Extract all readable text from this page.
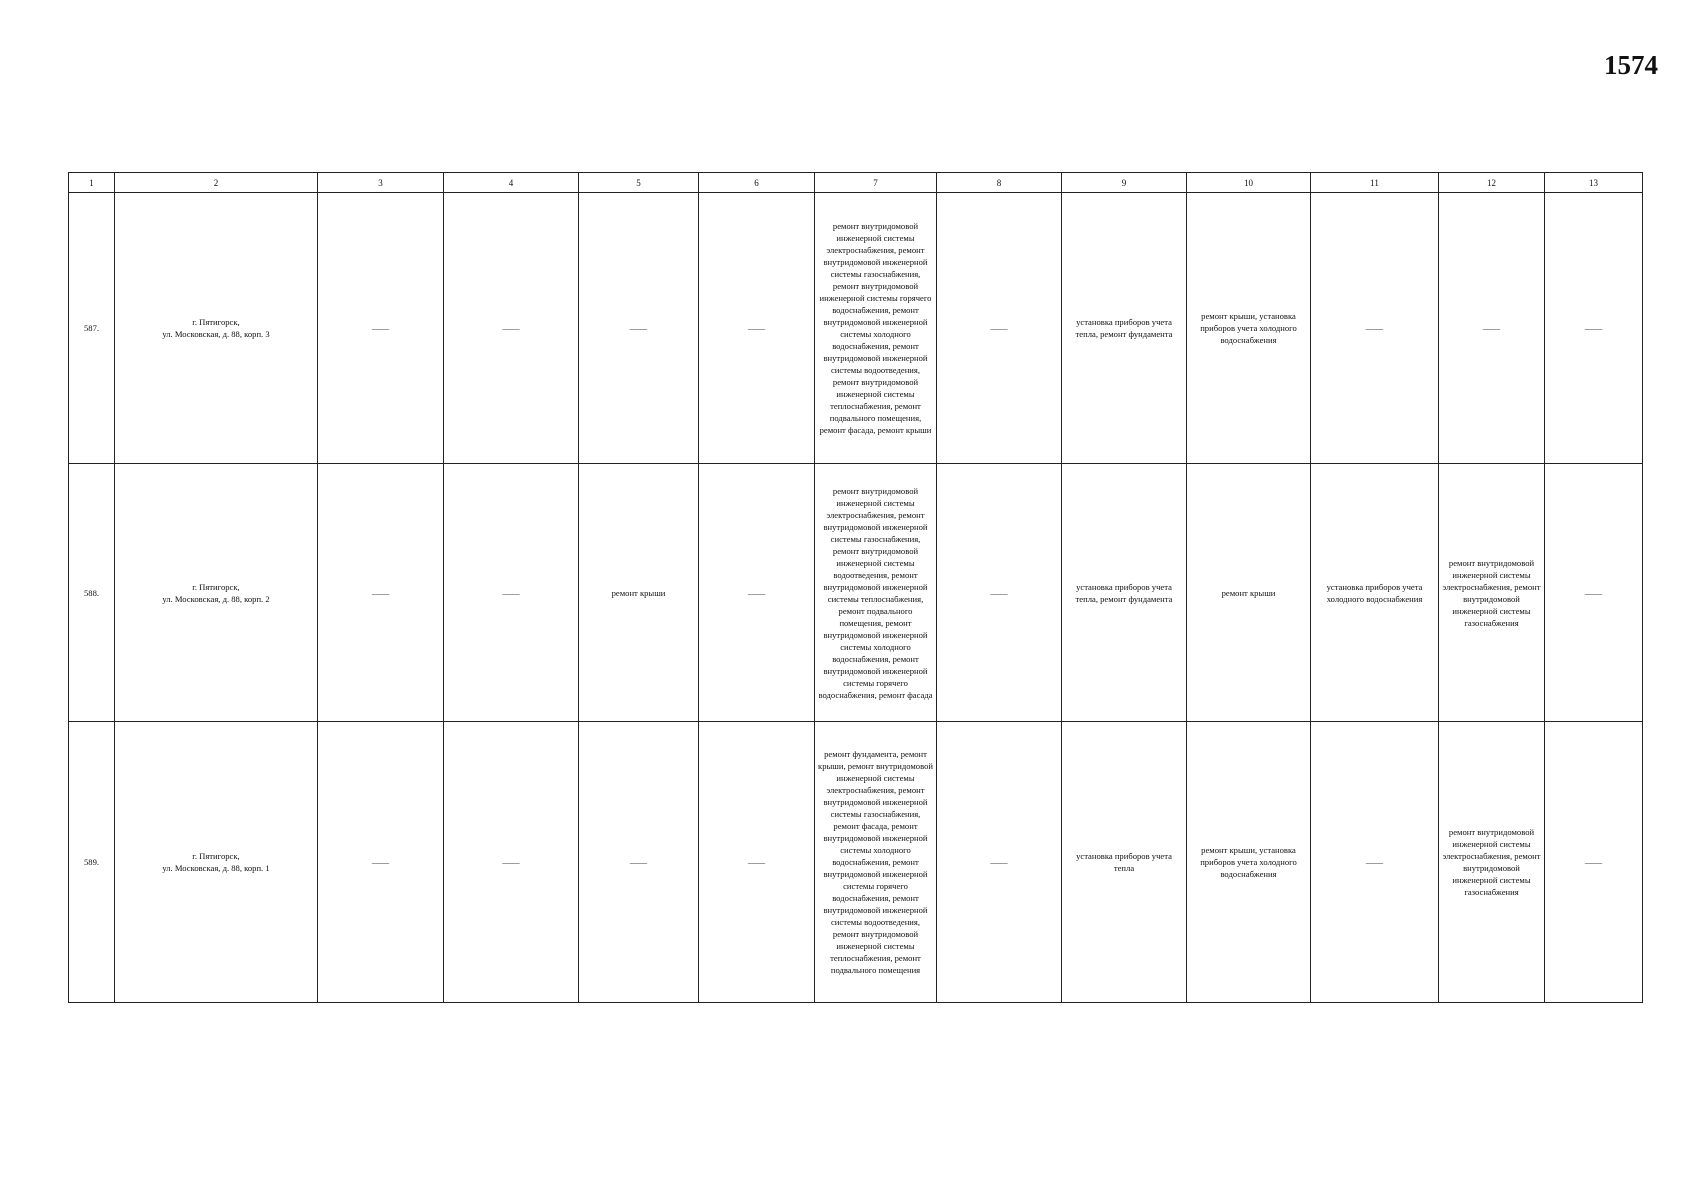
1574
1	2	3	4	5	6	7	8	9	10	11	12	13
587.	г. Пятигорск,
ул. Московская, д. 88, корп. 3	——	——	——	——	ремонт внутридомовой инженерной системы электроснабжения, ремонт внутридомовой инженерной системы газоснабжения, ремонт внутридомовой инженерной системы горячего водоснабжения, ремонт внутридомовой инженерной системы холодного водоснабжения, ремонт внутридомовой инженерной системы водоотведения, ремонт внутридомовой инженерной системы теплоснабжения, ремонт подвального помещения, ремонт фасада, ремонт крыши	——	установка приборов учета тепла, ремонт фундамента	ремонт крыши, установка приборов учета холодного водоснабжения	——	——	——
588.	г. Пятигорск,
ул. Московская, д. 88, корп. 2	——	——	ремонт крыши	——	ремонт внутридомовой инженерной системы электроснабжения, ремонт внутридомовой инженерной системы газоснабжения, ремонт внутридомовой инженерной системы водоотведения, ремонт внутридомовой инженерной системы теплоснабжения, ремонт подвального помещения, ремонт внутридомовой инженерной системы холодного водоснабжения, ремонт внутридомовой инженерной системы горячего водоснабжения, ремонт фасада	——	установка приборов учета тепла, ремонт фундамента	ремонт крыши	установка приборов учета холодного водоснабжения	ремонт внутридомовой инженерной системы электроснабжения, ремонт внутридомовой инженерной системы газоснабжения	——
589.	г. Пятигорск,
ул. Московская, д. 88, корп. 1	——	——	——	——	ремонт фундамента, ремонт крыши, ремонт внутридомовой инженерной системы электроснабжения, ремонт внутридомовой инженерной системы газоснабжения, ремонт фасада, ремонт внутридомовой инженерной системы холодного водоснабжения, ремонт внутридомовой инженерной системы горячего водоснабжения, ремонт внутридомовой инженерной системы водоотведения, ремонт внутридомовой инженерной системы теплоснабжения, ремонт подвального помещения	——	установка приборов учета тепла	ремонт крыши, установка приборов учета холодного водоснабжения	——	ремонт внутридомовой инженерной системы электроснабжения, ремонт внутридомовой инженерной системы газоснабжения	——
